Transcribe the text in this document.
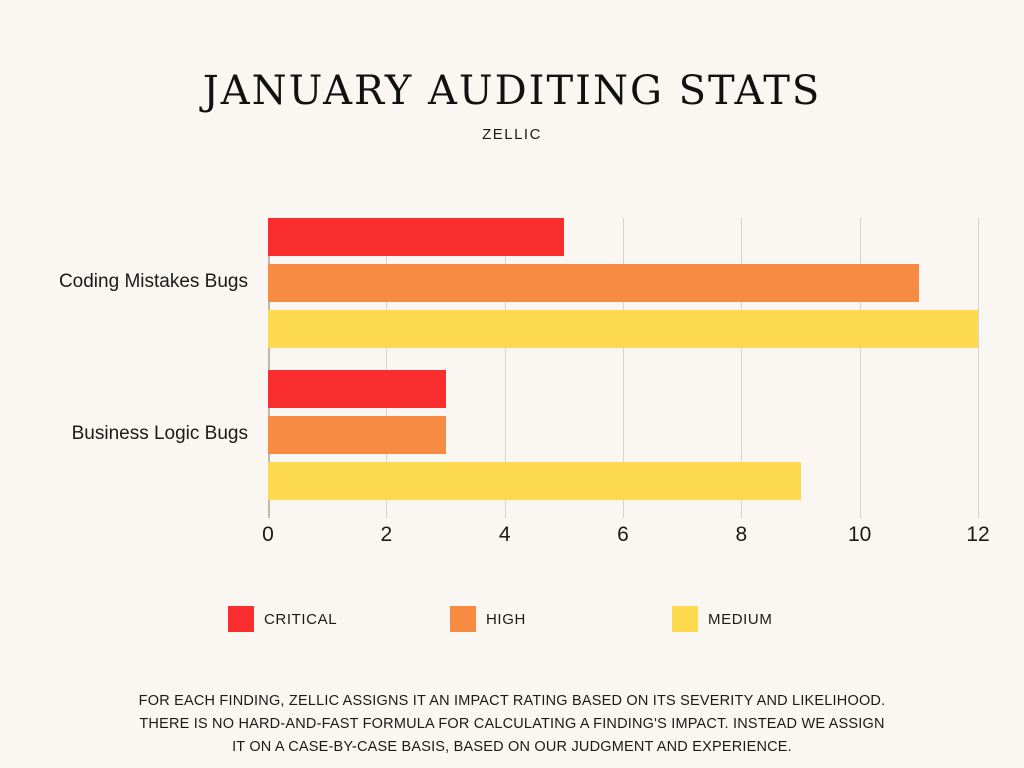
JANUARY AUDITING STATS
ZELLIC
0	2	4	6	8	10	12
Coding Mistakes Bugs
Business Logic Bugs
CRITICAL	HIGH	MEDIUM
FOR EACH FINDING, ZELLIC ASSIGNS IT AN IMPACT RATING BASED ON ITS SEVERITY AND LIKELIHOOD.
THERE IS NO HARD-AND-FAST FORMULA FOR CALCULATING A FINDING'S IMPACT. INSTEAD WE ASSIGN
IT ON A CASE-BY-CASE BASIS, BASED ON OUR JUDGMENT AND EXPERIENCE.
